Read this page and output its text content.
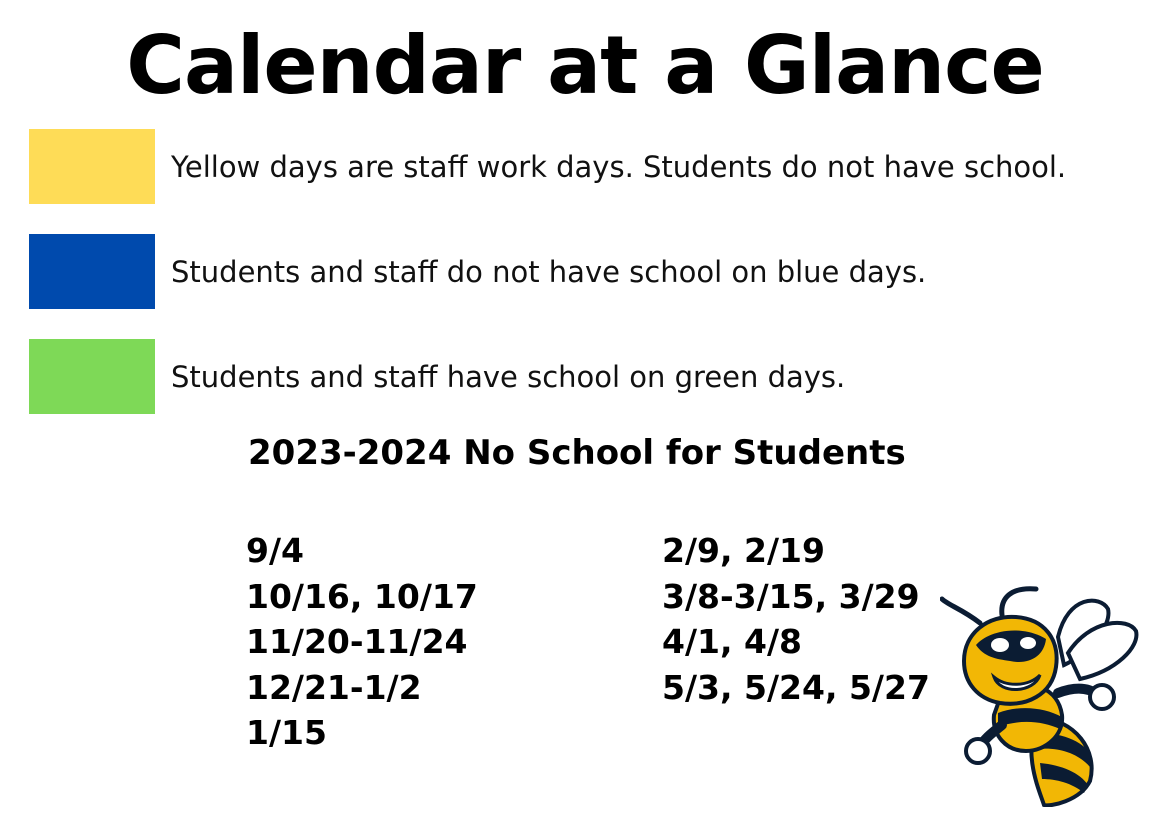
Calendar at a Glance
Yellow days are staff work days. Students do not have school.
Students and staff do not have school on blue days.
Students and staff have school on green days.
2023-2024 No School for Students
9/4
10/16, 10/17
11/20-11/24
12/21-1/2
1/15
2/9, 2/19
3/8-3/15, 3/29
4/1, 4/8
5/3, 5/24, 5/27
